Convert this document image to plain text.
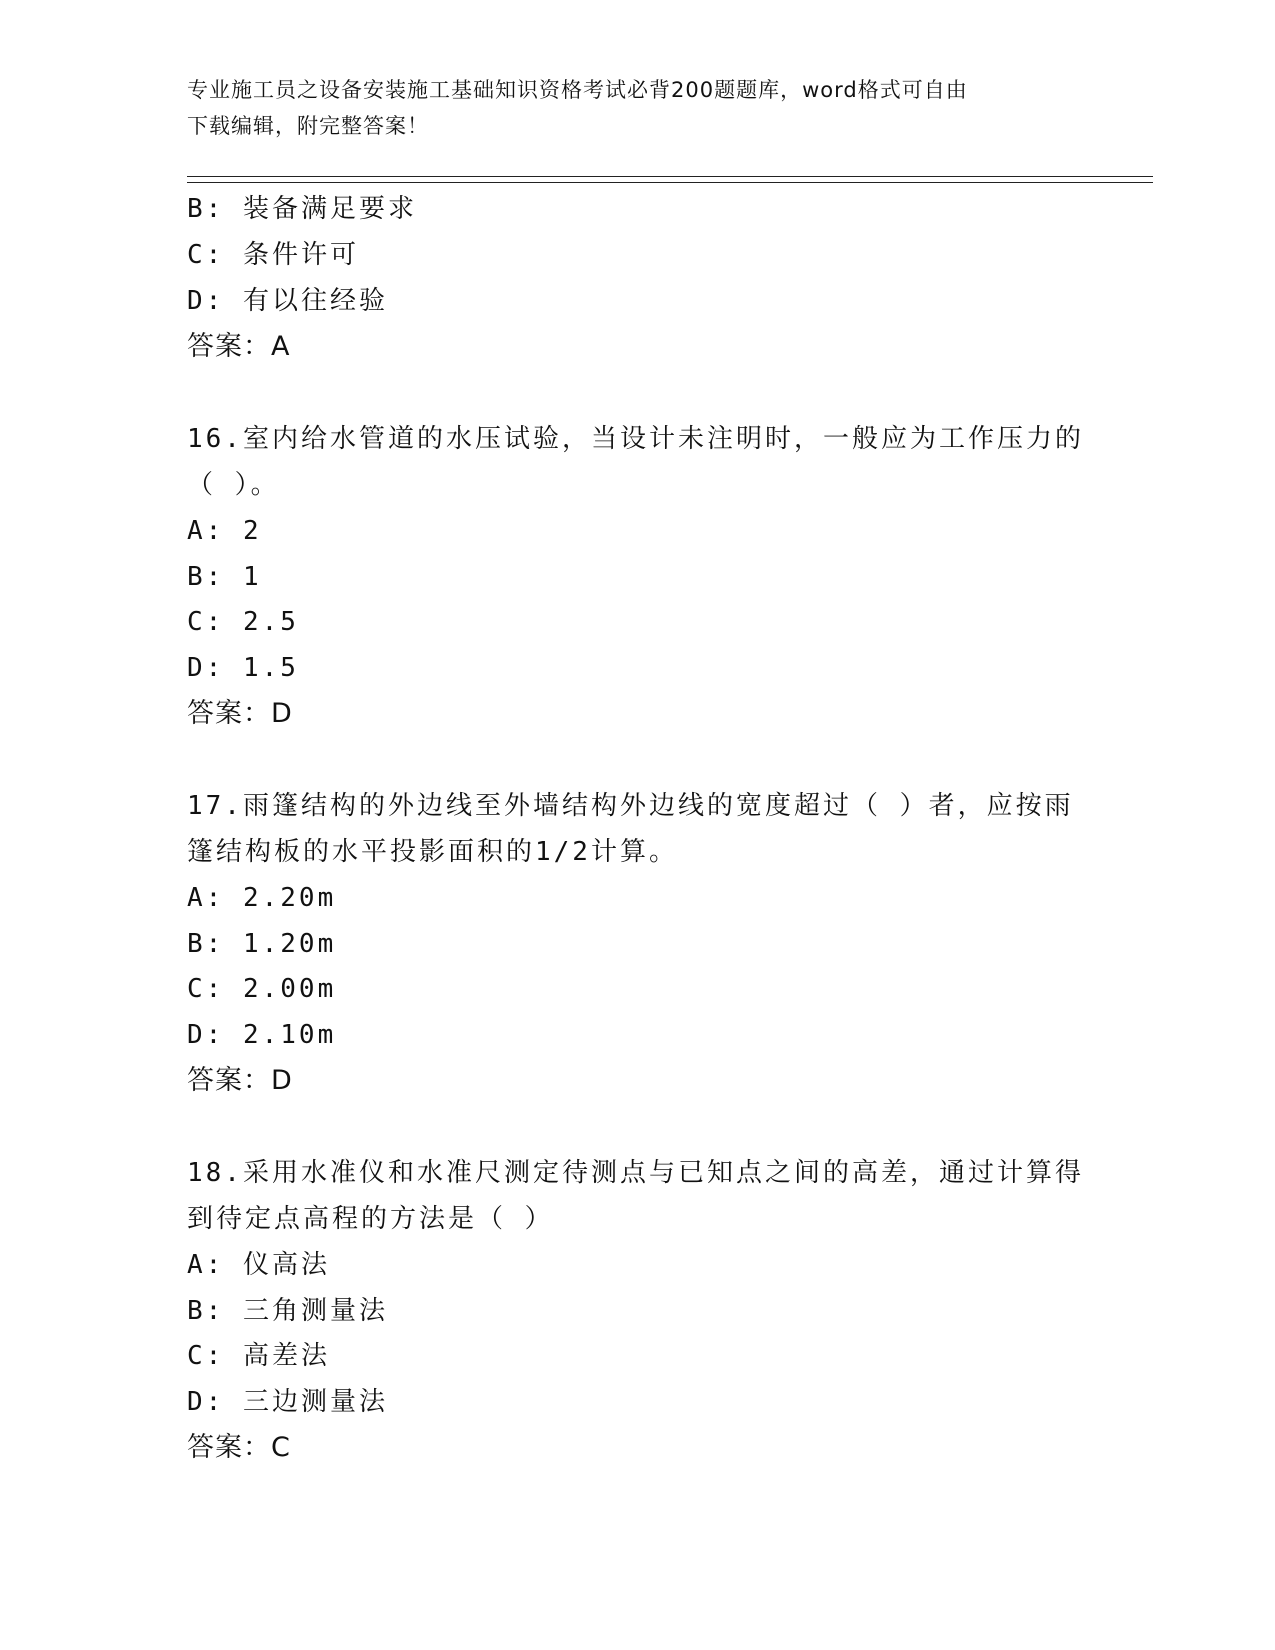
专业施工员之设备安装施工基础知识资格考试必背200题题库，word格式可自由
下载编辑，附完整答案！
B: 装备满足要求
C: 条件许可
D: 有以往经验
答案：A
16.室内给水管道的水压试验，当设计未注明时，一般应为工作压力的
（ ）。
A: 2
B: 1
C: 2.5
D: 1.5
答案：D
17.雨篷结构的外边线至外墙结构外边线的宽度超过（ ）者，应按雨
篷结构板的水平投影面积的1/2计算。
A: 2.20m
B: 1.20m
C: 2.00m
D: 2.10m
答案：D
18.采用水准仪和水准尺测定待测点与已知点之间的高差，通过计算得
到待定点高程的方法是（ ）
A: 仪高法
B: 三角测量法
C: 高差法
D: 三边测量法
答案：C
